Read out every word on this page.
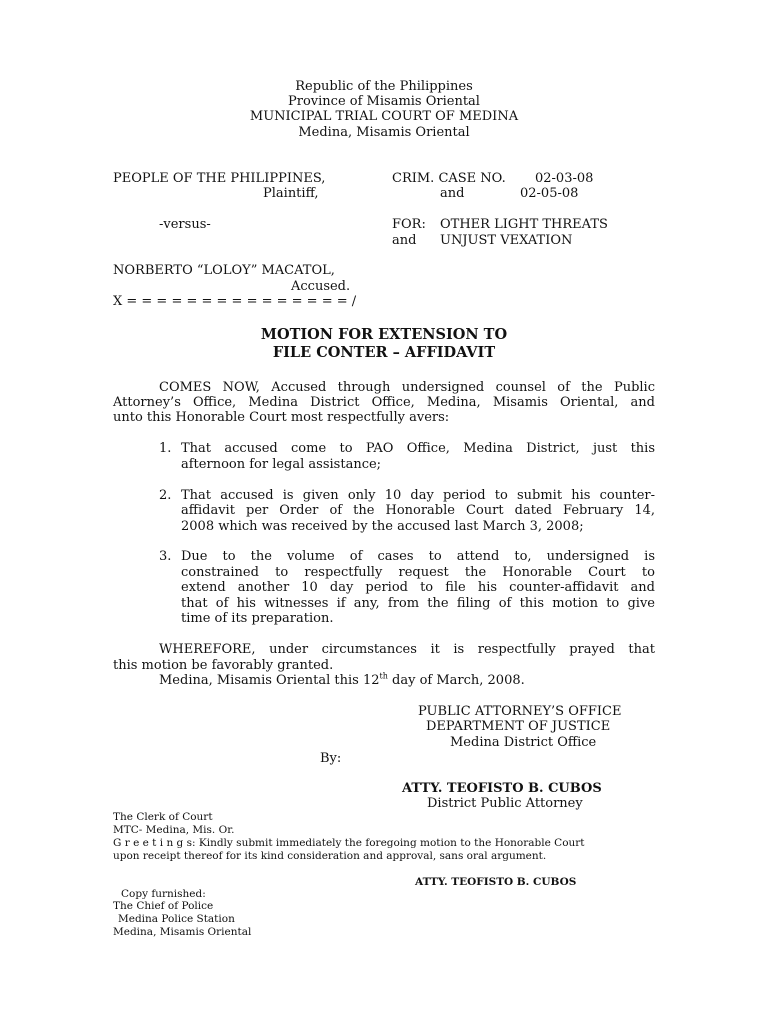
Republic of the Philippines
Province of Misamis Oriental
MUNICIPAL TRIAL COURT OF MEDINA
Medina, Misamis Oriental
PEOPLE OF THE PHILIPPINES,
Plaintiff,
CRIM. CASE NO. 02-03-08
and	02-05-08
-versus-	FOR: OTHER LIGHT THREATS
and UNJUST VEXATION
NORBERTO “LOLOY” MACATOL,
Accused.
X = = = = = = = = = = = = = = = /
MOTION FOR EXTENSION TO
FILE CONTER – AFFIDAVIT
COMES NOW, Accused through undersigned counsel of the Public
Attorney’s Office, Medina District Office, Medina, Misamis Oriental, and
unto this Honorable Court most respectfully avers:
1. That accused come to PAO Office, Medina District, just this
afternoon for legal assistance;
2. That accused is given only 10 day period to submit his counter-
affidavit per Order of the Honorable Court dated February 14,
2008 which was received by the accused last March 3, 2008;
3. Due to the volume of cases to attend to, undersigned is
constrained to respectfully request the Honorable Court to
extend another 10 day period to file his counter-affidavit and
that of his witnesses if any, from the filing of this motion to give
time of its preparation.
WHEREFORE, under circumstances it is respectfully prayed that
this motion be favorably granted.
Medina, Misamis Oriental this 12th day of March, 2008.
PUBLIC ATTORNEY’S OFFICE
DEPARTMENT OF JUSTICE
Medina District Office
By:
ATTY. TEOFISTO B. CUBOS
District Public Attorney
The Clerk of Court
MTC- Medina, Mis. Or.
G r e e t i n g s: Kindly submit immediately the foregoing motion to the Honorable Court
upon receipt thereof for its kind consideration and approval, sans oral argument.
ATTY. TEOFISTO B. CUBOS
Copy furnished:
The Chief of Police
Medina Police Station
Medina, Misamis Oriental
